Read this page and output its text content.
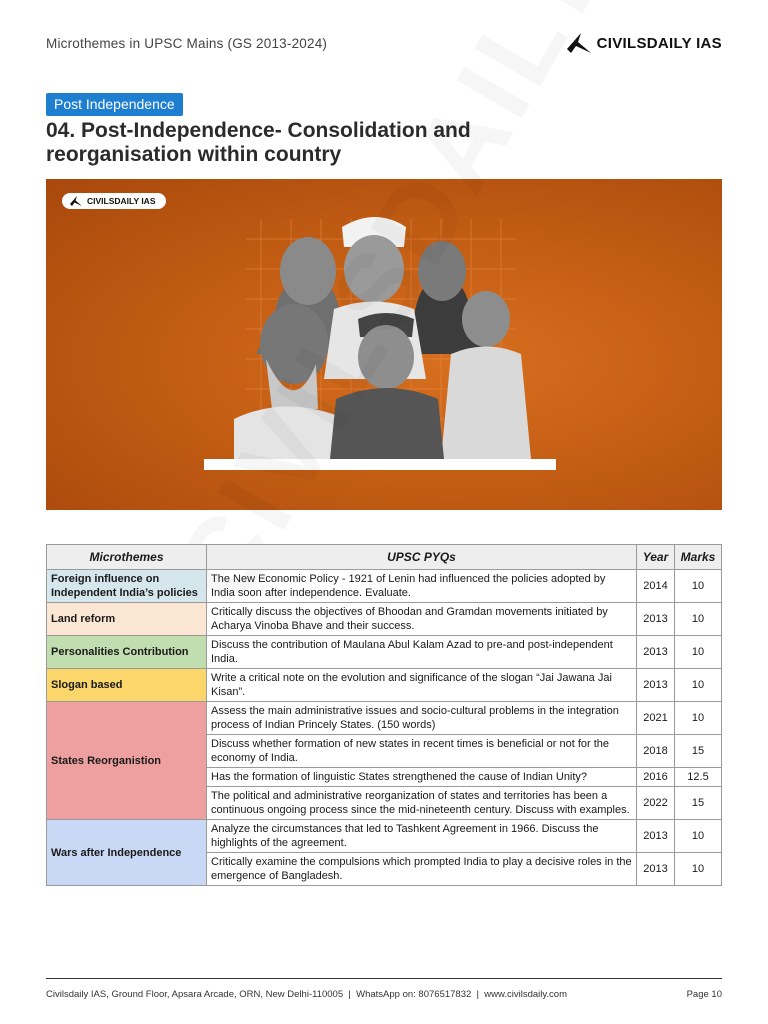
Microthemes in UPSC Mains (GS 2013-2024)	CIVILSDAILY IAS
Post Independence
04. Post-Independence- Consolidation and reorganisation within country
CIVILSDAILY IAS
Microthemes	UPSC PYQs	Year	Marks
Foreign influence on Independent India’s policies	The New Economic Policy - 1921 of Lenin had influenced the policies adopted by India soon after independence. Evaluate.	2014	10
Land reform	Critically discuss the objectives of Bhoodan and Gramdan movements initiated by Acharya Vinoba Bhave and their success.	2013	10
Personalities Contribution	Discuss the contribution of Maulana Abul Kalam Azad to pre-and post-independent India.	2013	10
Slogan based	Write a critical note on the evolution and significance of the slogan “Jai Jawana Jai Kisan”.	2013	10
States Reorganistion	Assess the main administrative issues and socio-cultural problems in the integration process of Indian Princely States. (150 words)	2021	10
	Discuss whether formation of new states in recent times is beneficial or not for the economy of India.	2018	15
	Has the formation of linguistic States strengthened the cause of Indian Unity?	2016	12.5
	The political and administrative reorganization of states and territories has been a continuous ongoing process since the mid-nineteenth century. Discuss with examples.	2022	15
Wars after Independence	Analyze the circumstances that led to Tashkent Agreement in 1966. Discuss the highlights of the agreement.	2013	10
	Critically examine the compulsions which prompted India to play a decisive roles in the emergence of Bangladesh.	2013	10
Civilsdaily IAS, Ground Floor, Apsara Arcade, ORN, New Delhi-110005  |  WhatsApp on: 8076517832  |  www.civilsdaily.com	Page 10
